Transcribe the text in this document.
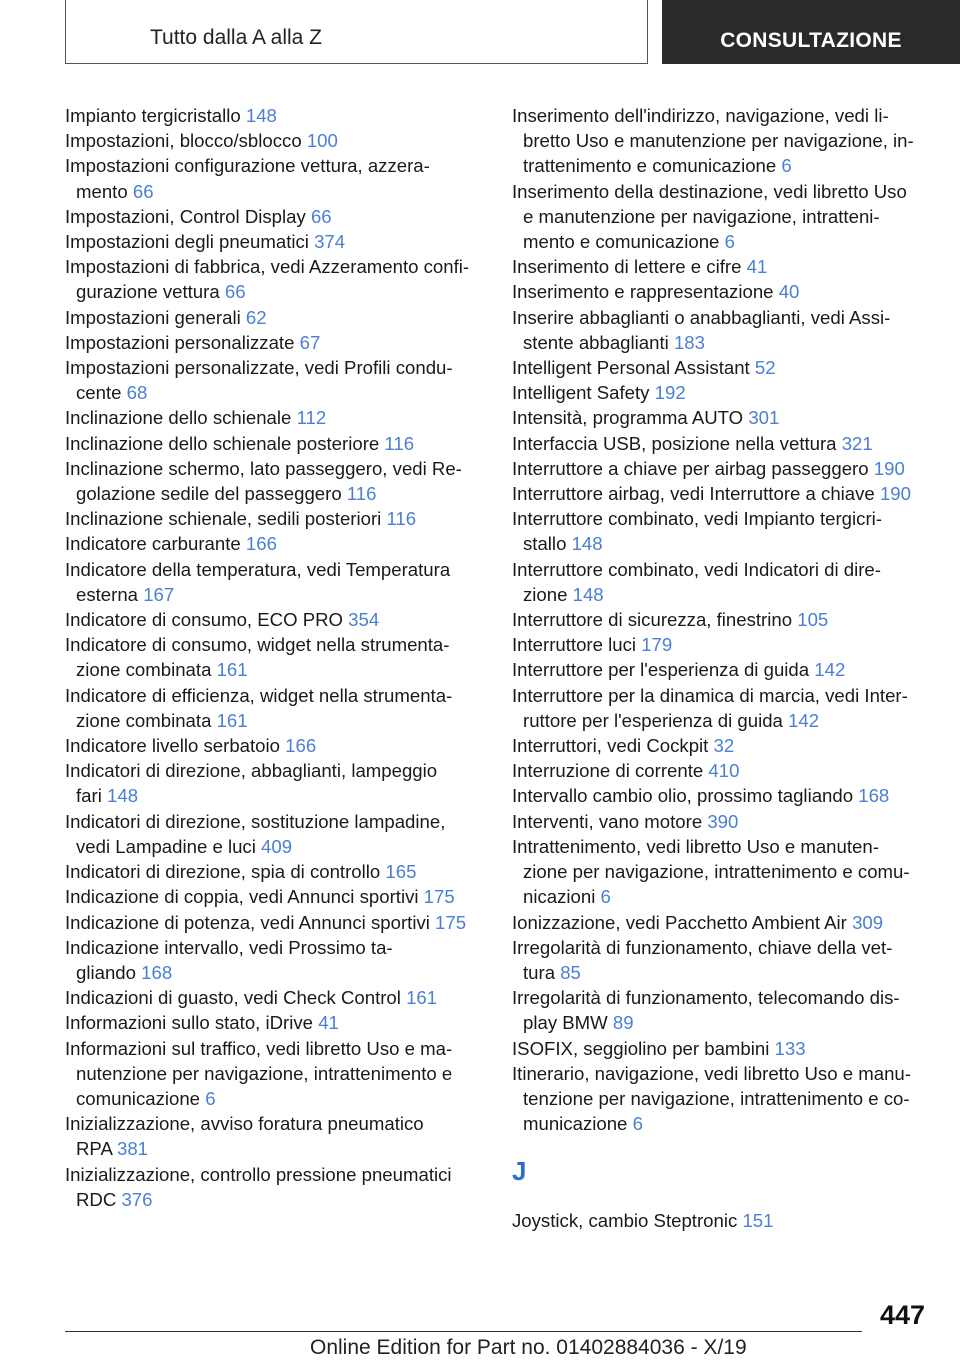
Tutto dalla A alla Z	CONSULTAZIONE
Impianto tergicristallo 148
Impostazioni, blocco/sblocco 100
Impostazioni configurazione vettura, azzera-
mento 66
Impostazioni, Control Display 66
Impostazioni degli pneumatici 374
Impostazioni di fabbrica, vedi Azzeramento confi-
gurazione vettura 66
Impostazioni generali 62
Impostazioni personalizzate 67
Impostazioni personalizzate, vedi Profili condu-
cente 68
Inclinazione dello schienale 112
Inclinazione dello schienale posteriore 116
Inclinazione schermo, lato passeggero, vedi Re-
golazione sedile del passeggero 116
Inclinazione schienale, sedili posteriori 116
Indicatore carburante 166
Indicatore della temperatura, vedi Temperatura
esterna 167
Indicatore di consumo, ECO PRO 354
Indicatore di consumo, widget nella strumenta-
zione combinata 161
Indicatore di efficienza, widget nella strumenta-
zione combinata 161
Indicatore livello serbatoio 166
Indicatori di direzione, abbaglianti, lampeggio
fari 148
Indicatori di direzione, sostituzione lampadine,
vedi Lampadine e luci 409
Indicatori di direzione, spia di controllo 165
Indicazione di coppia, vedi Annunci sportivi 175
Indicazione di potenza, vedi Annunci sportivi 175
Indicazione intervallo, vedi Prossimo ta-
gliando 168
Indicazioni di guasto, vedi Check Control 161
Informazioni sullo stato, iDrive 41
Informazioni sul traffico, vedi libretto Uso e ma-
nutenzione per navigazione, intrattenimento e
comunicazione 6
Inizializzazione, avviso foratura pneumatico
RPA 381
Inizializzazione, controllo pressione pneumatici
RDC 376
Inserimento dell'indirizzo, navigazione, vedi li-
bretto Uso e manutenzione per navigazione, in-
trattenimento e comunicazione 6
Inserimento della destinazione, vedi libretto Uso
e manutenzione per navigazione, intratteni-
mento e comunicazione 6
Inserimento di lettere e cifre 41
Inserimento e rappresentazione 40
Inserire abbaglianti o anabbaglianti, vedi Assi-
stente abbaglianti 183
Intelligent Personal Assistant 52
Intelligent Safety 192
Intensità, programma AUTO 301
Interfaccia USB, posizione nella vettura 321
Interruttore a chiave per airbag passeggero 190
Interruttore airbag, vedi Interruttore a chiave 190
Interruttore combinato, vedi Impianto tergicri-
stallo 148
Interruttore combinato, vedi Indicatori di dire-
zione 148
Interruttore di sicurezza, finestrino 105
Interruttore luci 179
Interruttore per l'esperienza di guida 142
Interruttore per la dinamica di marcia, vedi Inter-
ruttore per l'esperienza di guida 142
Interruttori, vedi Cockpit 32
Interruzione di corrente 410
Intervallo cambio olio, prossimo tagliando 168
Interventi, vano motore 390
Intrattenimento, vedi libretto Uso e manuten-
zione per navigazione, intrattenimento e comu-
nicazioni 6
Ionizzazione, vedi Pacchetto Ambient Air 309
Irregolarità di funzionamento, chiave della vet-
tura 85
Irregolarità di funzionamento, telecomando dis-
play BMW 89
ISOFIX, seggiolino per bambini 133
Itinerario, navigazione, vedi libretto Uso e manu-
tenzione per navigazione, intrattenimento e co-
municazione 6
J
Joystick, cambio Steptronic 151
447
Online Edition for Part no. 01402884036 - X/19
